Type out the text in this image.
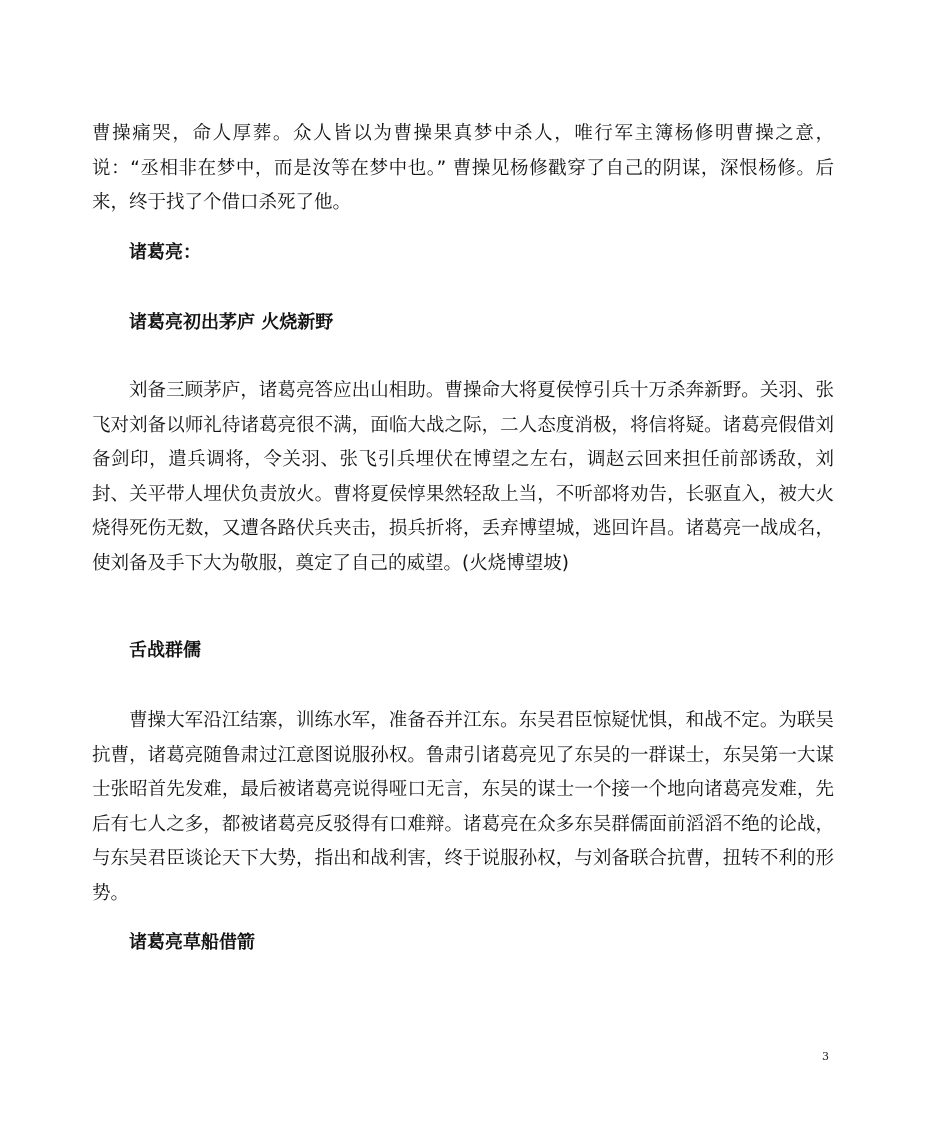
曹操痛哭，命人厚葬。众人皆以为曹操果真梦中杀人，唯行军主簿杨修明曹操之意，说：“丞相非在梦中，而是汝等在梦中也。” 曹操见杨修戳穿了自己的阴谋，深恨杨修。后来，终于找了个借口杀死了他。

诸葛亮：
诸葛亮初出茅庐 火烧新野

刘备三顾茅庐，诸葛亮答应出山相助。曹操命大将夏侯惇引兵十万杀奔新野。关羽、张飞对刘备以师礼待诸葛亮很不满，面临大战之际，二人态度消极，将信将疑。诸葛亮假借刘备剑印，遣兵调将，令关羽、张飞引兵埋伏在博望之左右，调赵云回来担任前部诱敌，刘封、关平带人埋伏负责放火。曹将夏侯惇果然轻敌上当，不听部将劝告，长驱直入，被大火烧得死伤无数，又遭各路伏兵夹击，损兵折将，丢弃博望城，逃回许昌。诸葛亮一战成名，使刘备及手下大为敬服，奠定了自己的威望。(火烧博望坡)

舌战群儒

曹操大军沿江结寨，训练水军，准备吞并江东。东吴君臣惊疑忧惧，和战不定。为联吴抗曹，诸葛亮随鲁肃过江意图说服孙权。鲁肃引诸葛亮见了东吴的一群谋士，东吴第一大谋士张昭首先发难，最后被诸葛亮说得哑口无言，东吴的谋士一个接一个地向诸葛亮发难，先后有七人之多，都被诸葛亮反驳得有口难辩。诸葛亮在众多东吴群儒面前滔滔不绝的论战，与东吴君臣谈论天下大势，指出和战利害，终于说服孙权，与刘备联合抗曹，扭转不利的形势。

诸葛亮草船借箭
3
